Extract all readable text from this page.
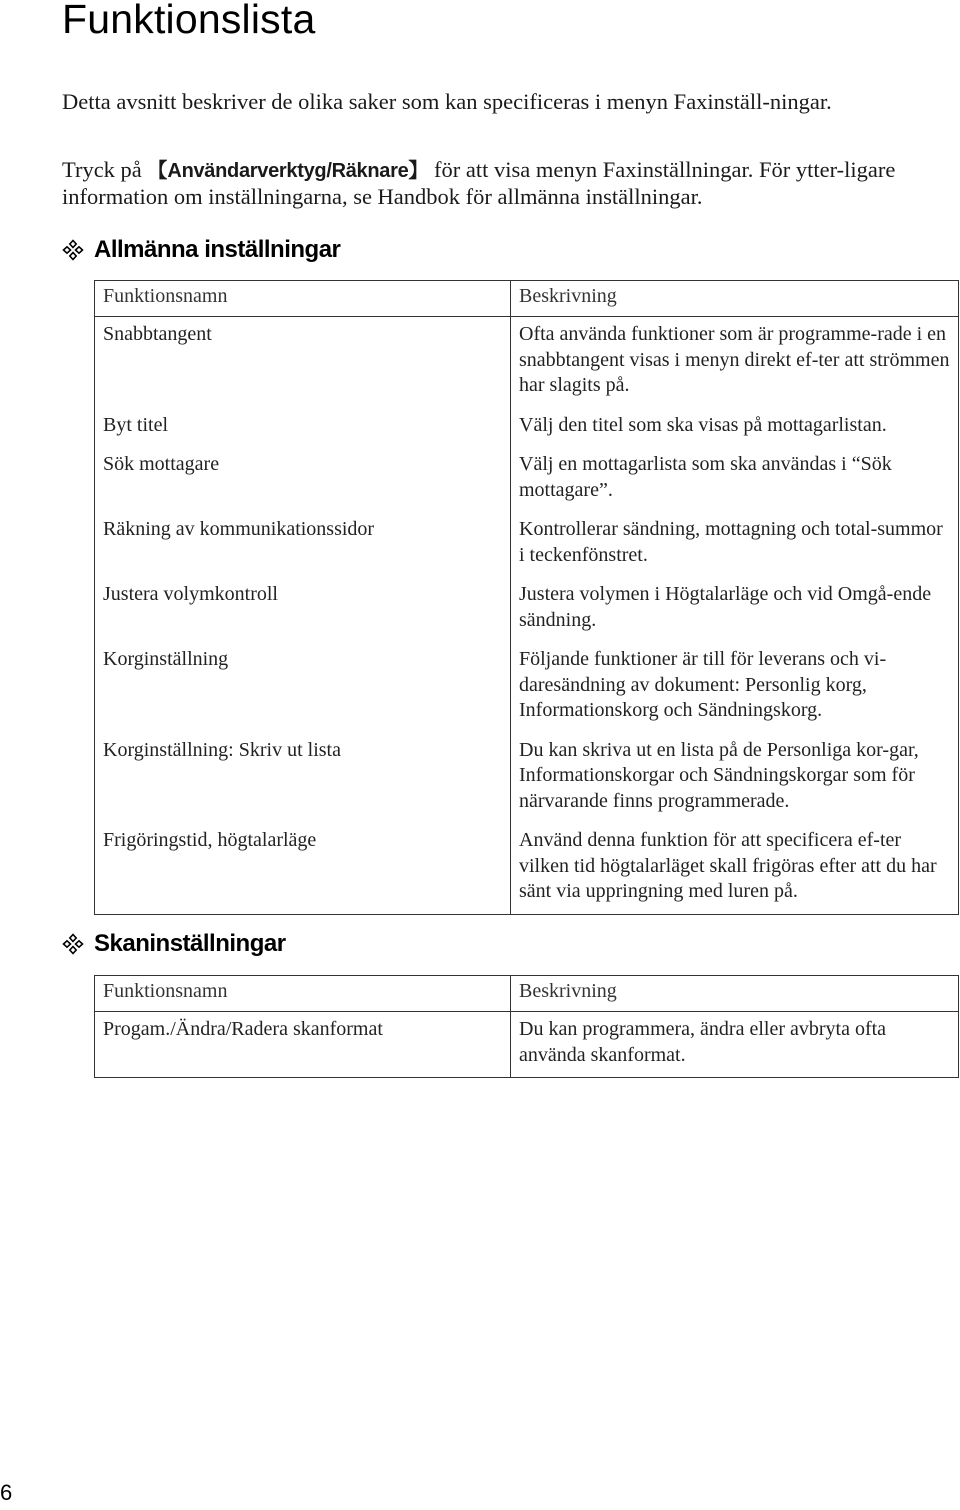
Funktionslista

Detta avsnitt beskriver de olika saker som kan specificeras i menyn Faxinställ-ningar.

Tryck på 【Användarverktyg/Räknare】 för att visa menyn Faxinställningar. För ytter-ligare information om inställningarna, se Handbok för allmänna inställningar.

Allmänna inställningar
Funktionsnamn	Beskrivning
Snabbtangent	Ofta använda funktioner som är programme-rade i en snabbtangent visas i menyn direkt ef-ter att strömmen har slagits på.
Byt titel	Välj den titel som ska visas på mottagarlistan.
Sök mottagare	Välj en mottagarlista som ska användas i “Sök mottagare”.
Räkning av kommunikationssidor	Kontrollerar sändning, mottagning och total-summor i teckenfönstret.
Justera volymkontroll	Justera volymen i Högtalarläge och vid Omgå-ende sändning.
Korginställning	Följande funktioner är till för leverans och vi-daresändning av dokument: Personlig korg, Informationskorg och Sändningskorg.
Korginställning: Skriv ut lista	Du kan skriva ut en lista på de Personliga kor-gar, Informationskorgar och Sändningskorgar som för närvarande finns programmerade.
Frigöringstid, högtalarläge	Använd denna funktion för att specificera ef-ter vilken tid högtalarläget skall frigöras efter att du har sänt via uppringning med luren på.
Skaninställningar
Funktionsnamn	Beskrivning
Progam./Ändra/Radera skanformat	Du kan programmera, ändra eller avbryta ofta använda skanformat.
6
